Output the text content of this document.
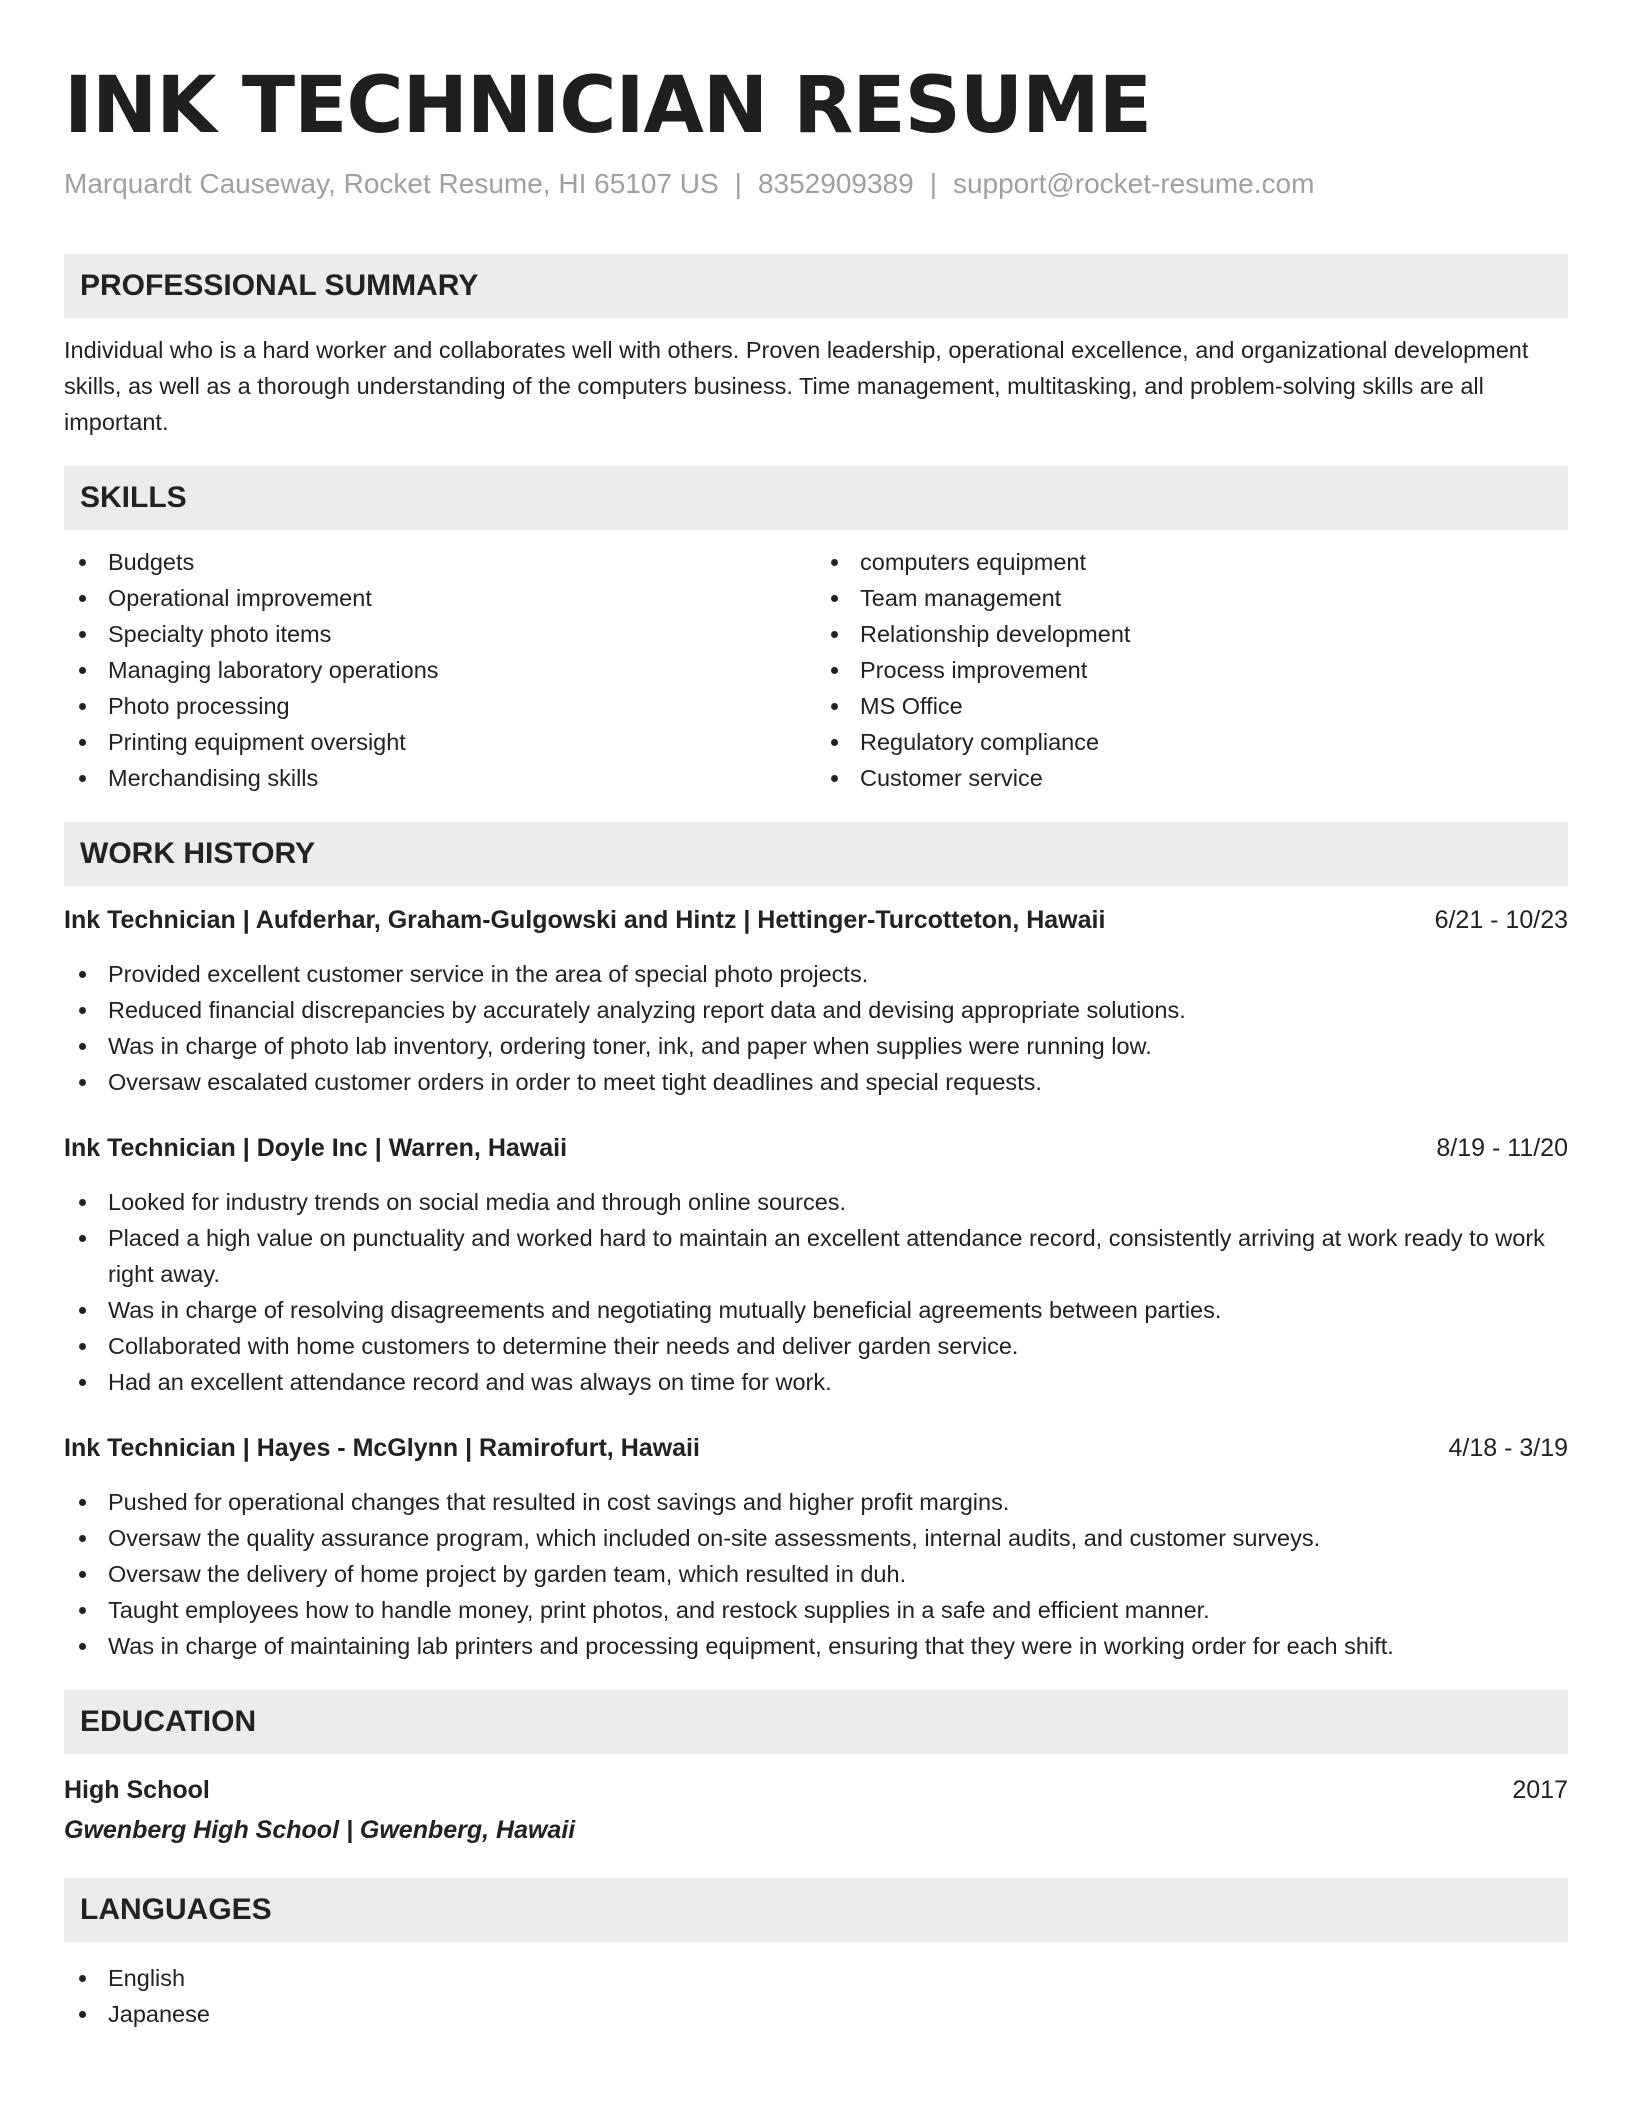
INK TECHNICIAN RESUME
Marquardt Causeway, Rocket Resume, HI 65107 US | 8352909389 | support@rocket-resume.com
PROFESSIONAL SUMMARY

Individual who is a hard worker and collaborates well with others. Proven leadership, operational excellence, and organizational development skills, as well as a thorough understanding of the computers business. Time management, multitasking, and problem-solving skills are all important.

SKILLS
Budgets
Operational improvement
Specialty photo items
Managing laboratory operations
Photo processing
Printing equipment oversight
Merchandising skills
computers equipment
Team management
Relationship development
Process improvement
MS Office
Regulatory compliance
Customer service
WORK HISTORY
Ink Technician | Aufderhar, Graham-Gulgowski and Hintz | Hettinger-Turcotteton, Hawaii	6/21 - 10/23
Provided excellent customer service in the area of special photo projects.
Reduced financial discrepancies by accurately analyzing report data and devising appropriate solutions.
Was in charge of photo lab inventory, ordering toner, ink, and paper when supplies were running low.
Oversaw escalated customer orders in order to meet tight deadlines and special requests.
Ink Technician | Doyle Inc | Warren, Hawaii	8/19 - 11/20
Looked for industry trends on social media and through online sources.
Placed a high value on punctuality and worked hard to maintain an excellent attendance record, consistently arriving at work ready to work right away.
Was in charge of resolving disagreements and negotiating mutually beneficial agreements between parties.
Collaborated with home customers to determine their needs and deliver garden service.
Had an excellent attendance record and was always on time for work.
Ink Technician | Hayes - McGlynn | Ramirofurt, Hawaii	4/18 - 3/19
Pushed for operational changes that resulted in cost savings and higher profit margins.
Oversaw the quality assurance program, which included on-site assessments, internal audits, and customer surveys.
Oversaw the delivery of home project by garden team, which resulted in duh.
Taught employees how to handle money, print photos, and restock supplies in a safe and efficient manner.
Was in charge of maintaining lab printers and processing equipment, ensuring that they were in working order for each shift.
EDUCATION
High School	2017
Gwenberg High School | Gwenberg, Hawaii
LANGUAGES
English
Japanese
